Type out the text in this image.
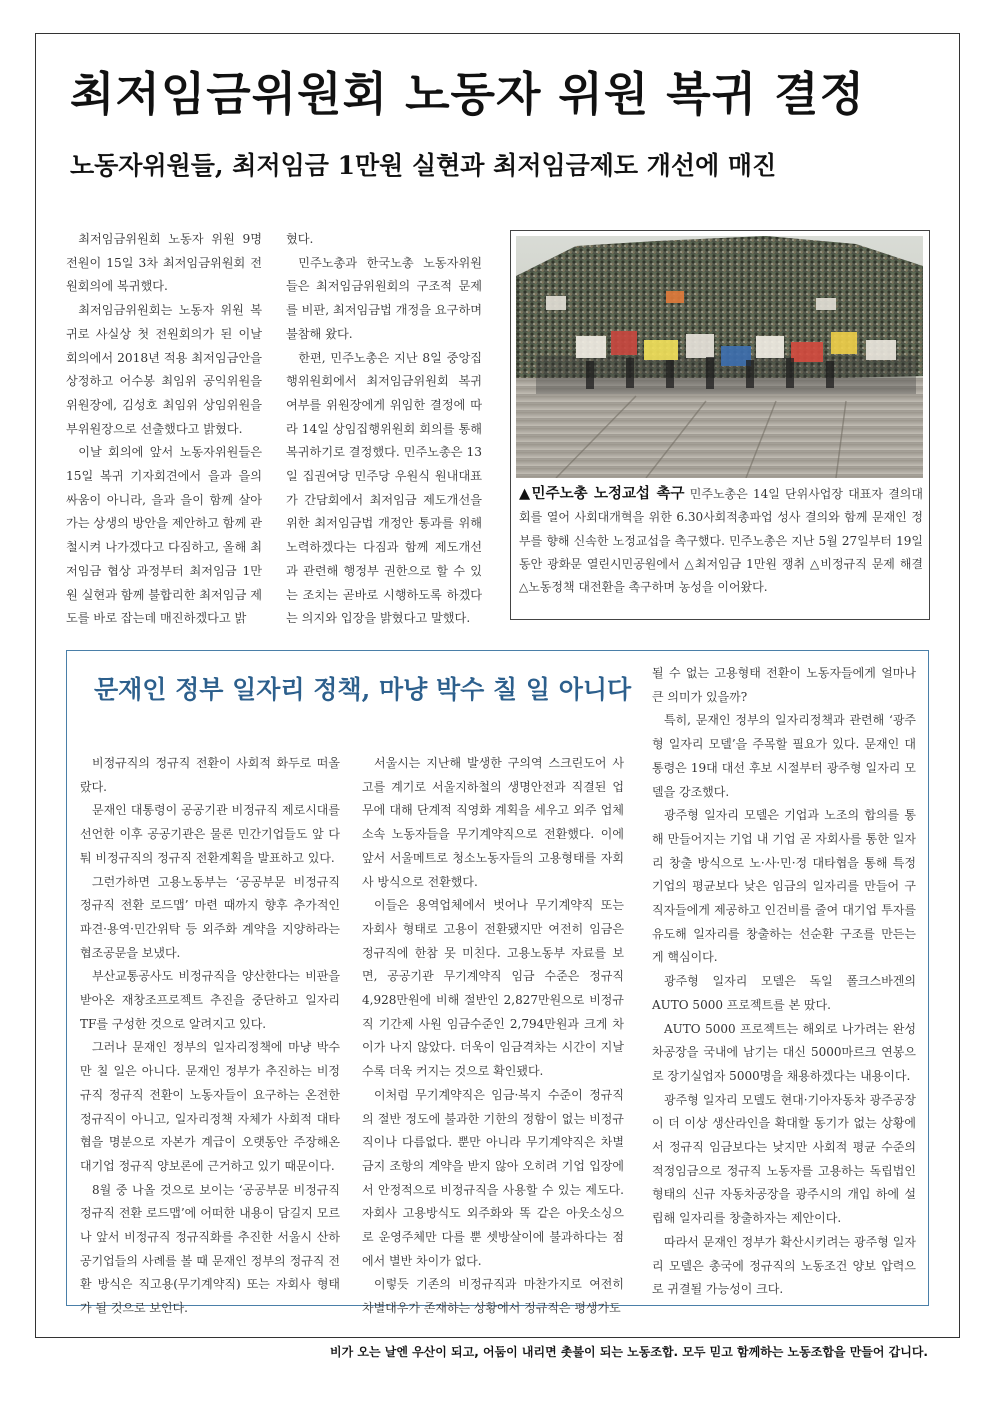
최저임금위원회 노동자 위원 복귀 결정
노동자위원들, 최저임금 1만원 실현과 최저임금제도 개선에 매진

최저임금위원회 노동자 위원 9명 전원이 15일 3차 최저임금위원회 전원회의에 복귀했다.

최저임금위원회는 노동자 위원 복귀로 사실상 첫 전원회의가 된 이날 회의에서 2018년 적용 최저임금안을 상정하고 어수봉 최임위 공익위원을 위원장에, 김성호 최임위 상임위원을 부위원장으로 선출했다고 밝혔다.

이날 회의에 앞서 노동자위원들은 15일 복귀 기자회견에서 을과 을의 싸움이 아니라, 을과 을이 함께 살아가는 상생의 방안을 제안하고 함께 관철시켜 나가겠다고 다짐하고, 올해 최저임금 협상 과정부터 최저임금 1만원 실현과 함께 불합리한 최저임금 제도를 바로 잡는데 매진하겠다고 밝

혔다.

민주노총과 한국노총 노동자위원들은 최저임금위원회의 구조적 문제를 비판, 최저임금법 개정을 요구하며 불참해 왔다.

한편, 민주노총은 지난 8일 중앙집행위원회에서 최저임금위원회 복귀 여부를 위원장에게 위임한 결정에 따라 14일 상임집행위원회 회의를 통해 복귀하기로 결정했다. 민주노총은 13일 집권여당 민주당 우원식 원내대표가 간담회에서 최저임금 제도개선을 위한 최저임금법 개정안 통과를 위해 노력하겠다는 다짐과 함께 제도개선과 관련해 행정부 권한으로 할 수 있는 조치는 곧바로 시행하도록 하겠다는 의지와 입장을 밝혔다고 말했다.

▲민주노총 노정교섭 촉구 민주노총은 14일 단위사업장 대표자 결의대회를 열어 사회대개혁을 위한 6.30사회적총파업 성사 결의와 함께 문재인 정부를 향해 신속한 노정교섭을 촉구했다. 민주노총은 지난 5월 27일부터 19일 동안 광화문 열린시민공원에서 △최저임금 1만원 쟁취 △비정규직 문제 해결 △노동정책 대전환을 촉구하며 농성을 이어왔다.
문재인 정부 일자리 정책, 마냥 박수 칠 일 아니다

비정규직의 정규직 전환이 사회적 화두로 떠올랐다.

문재인 대통령이 공공기관 비정규직 제로시대를 선언한 이후 공공기관은 물론 민간기업들도 앞 다퉈 비정규직의 정규직 전환계획을 발표하고 있다.

그런가하면 고용노동부는 ‘공공부문 비정규직 정규직 전환 로드맵’ 마련 때까지 향후 추가적인 파견·용역·민간위탁 등 외주화 계약을 지양하라는 협조공문을 보냈다.

부산교통공사도 비정규직을 양산한다는 비판을 받아온 재창조프로젝트 추진을 중단하고 일자리TF를 구성한 것으로 알려지고 있다.

그러나 문재인 정부의 일자리정책에 마냥 박수만 칠 일은 아니다. 문재인 정부가 추진하는 비정규직 정규직 전환이 노동자들이 요구하는 온전한 정규직이 아니고, 일자리정책 자체가 사회적 대타협을 명분으로 자본가 계급이 오랫동안 주장해온 대기업 정규직 양보론에 근거하고 있기 때문이다.

8월 중 나올 것으로 보이는 ‘공공부문 비정규직 정규직 전환 로드맵’에 어떠한 내용이 담길지 모르나 앞서 비정규직 정규직화를 추진한 서울시 산하 공기업들의 사례를 볼 때 문재인 정부의 정규직 전환 방식은 직고용(무기계약직) 또는 자회사 형태가 될 것으로 보인다.

서울시는 지난해 발생한 구의역 스크린도어 사고를 계기로 서울지하철의 생명안전과 직결된 업무에 대해 단계적 직영화 계획을 세우고 외주 업체 소속 노동자들을 무기계약직으로 전환했다. 이에 앞서 서울메트로 청소노동자들의 고용형태를 자회사 방식으로 전환했다.

이들은 용역업체에서 벗어나 무기계약직 또는 자회사 형태로 고용이 전환됐지만 여전히 임금은 정규직에 한참 못 미친다. 고용노동부 자료를 보면, 공공기관 무기계약직 임금 수준은 정규직 4,928만원에 비해 절반인 2,827만원으로 비정규직 기간제 사원 임금수준인 2,794만원과 크게 차이가 나지 않았다. 더욱이 임금격차는 시간이 지날수록 더욱 커지는 것으로 확인됐다.

이처럼 무기계약직은 임금·복지 수준이 정규직의 절반 정도에 불과한 기한의 정함이 없는 비정규직이나 다름없다. 뿐만 아니라 무기계약직은 차별금지 조항의 계약을 받지 않아 오히려 기업 입장에서 안정적으로 비정규직을 사용할 수 있는 제도다. 자회사 고용방식도 외주화와 똑 같은 아웃소싱으로 운영주체만 다를 뿐 셋방살이에 불과하다는 점에서 별반 차이가 없다.

이렇듯 기존의 비정규직과 마찬가지로 여전히 차별대우가 존재하는 상황에서 정규직은 평생가도

될 수 없는 고용형태 전환이 노동자들에게 얼마나 큰 의미가 있을까?

특히, 문재인 정부의 일자리정책과 관련해 ‘광주형 일자리 모델’을 주목할 필요가 있다. 문재인 대통령은 19대 대선 후보 시절부터 광주형 일자리 모델을 강조했다.

광주형 일자리 모델은 기업과 노조의 합의를 통해 만들어지는 기업 내 기업 곧 자회사를 통한 일자리 창출 방식으로 노·사·민·정 대타협을 통해 특정 기업의 평균보다 낮은 임금의 일자리를 만들어 구직자들에게 제공하고 인건비를 줄여 대기업 투자를 유도해 일자리를 창출하는 선순환 구조를 만든는 게 핵심이다.

광주형 일자리 모델은 독일 폴크스바겐의 AUTO 5000 프로젝트를 본 땄다.

AUTO 5000 프로젝트는 해외로 나가려는 완성차공장을 국내에 남기는 대신 5000마르크 연봉으로 장기실업자 5000명을 채용하겠다는 내용이다.

광주형 일자리 모델도 현대·기아자동차 광주공장이 더 이상 생산라인을 확대할 동기가 없는 상황에서 정규직 임금보다는 낮지만 사회적 평균 수준의 적정임금으로 정규직 노동자를 고용하는 독립법인 형태의 신규 자동차공장을 광주시의 개입 하에 설립해 일자리를 창출하자는 제안이다.

따라서 문재인 정부가 확산시키려는 광주형 일자리 모델은 총국에 정규직의 노동조건 양보 압력으로 귀결될 가능성이 크다.

비가 오는 날엔 우산이 되고, 어둠이 내리면 촛불이 되는 노동조합. 모두 믿고 함께하는 노동조합을 만들어 갑니다.
